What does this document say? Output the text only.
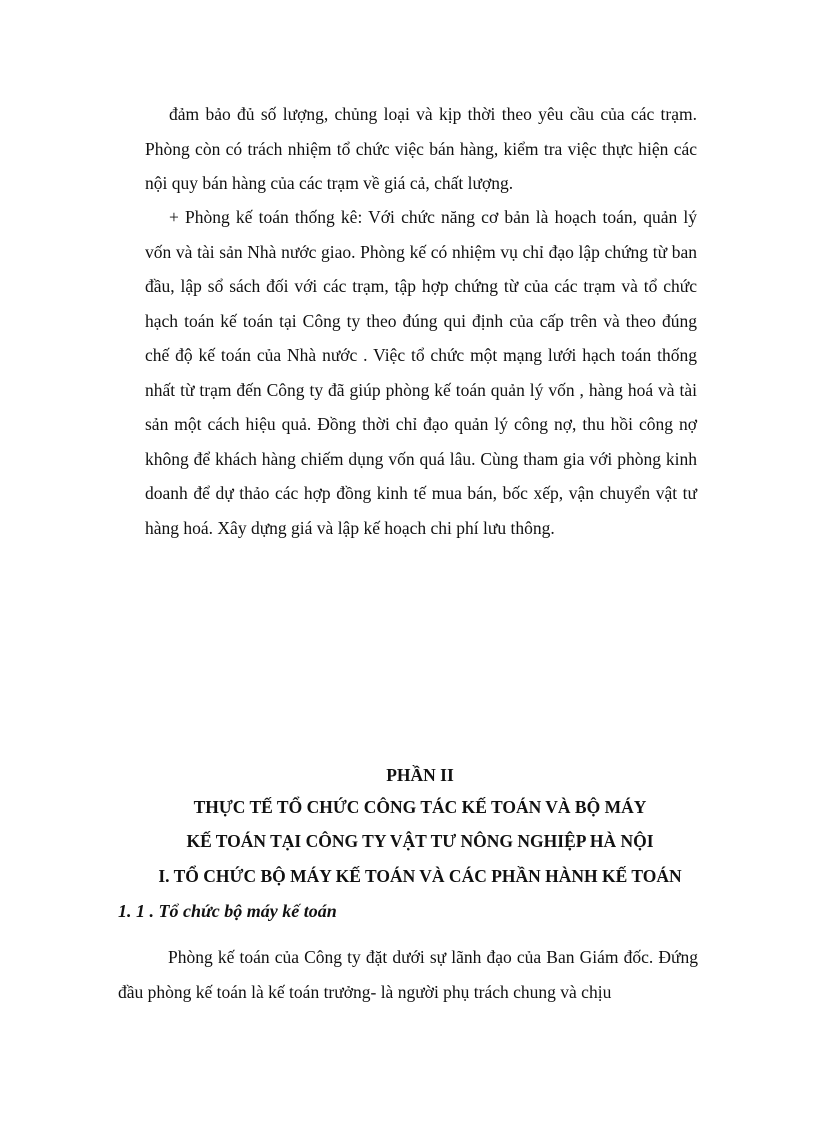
đảm bảo đủ số lượng, chủng loại và kịp thời theo yêu cầu của các trạm. Phòng còn có trách nhiệm tổ chức việc bán hàng, kiểm tra việc thực hiện các nội quy bán hàng của các trạm về giá cả, chất lượng.

+ Phòng kế toán thống kê: Với chức năng cơ bản là hoạch toán, quản lý vốn và tài sản Nhà nước giao. Phòng kế có nhiệm vụ chỉ đạo lập chứng từ ban đầu, lập sổ sách đối với các trạm, tập hợp chứng từ của các trạm và tổ chức hạch toán kế toán tại Công ty theo đúng qui định của cấp trên và theo đúng chế độ kế toán của Nhà nước . Việc tổ chức một mạng lưới hạch toán thống nhất từ trạm đến Công ty đã giúp phòng kế toán quản lý vốn , hàng hoá và tài sản một cách hiệu quả. Đồng thời chỉ đạo quản lý công nợ, thu hồi công nợ không để khách hàng chiếm dụng vốn quá lâu. Cùng tham gia với phòng kinh doanh để dự thảo các hợp đồng kinh tế mua bán, bốc xếp, vận chuyển vật tư hàng hoá. Xây dựng giá và lập kế hoạch chi phí lưu thông.

PHẦN II

THỰC TẾ TỔ CHỨC CÔNG TÁC KẾ TOÁN VÀ BỘ MÁY

KẾ TOÁN TẠI CÔNG TY VẬT TƯ NÔNG NGHIỆP HÀ NỘI

I. TỔ CHỨC BỘ MÁY KẾ TOÁN VÀ CÁC PHẦN HÀNH KẾ TOÁN

1. 1 . Tổ chức bộ máy kế toán

Phòng kế toán của Công ty đặt dưới sự lãnh đạo của Ban Giám đốc. Đứng đầu phòng kế toán là kế toán trưởng- là người phụ trách chung và chịu
